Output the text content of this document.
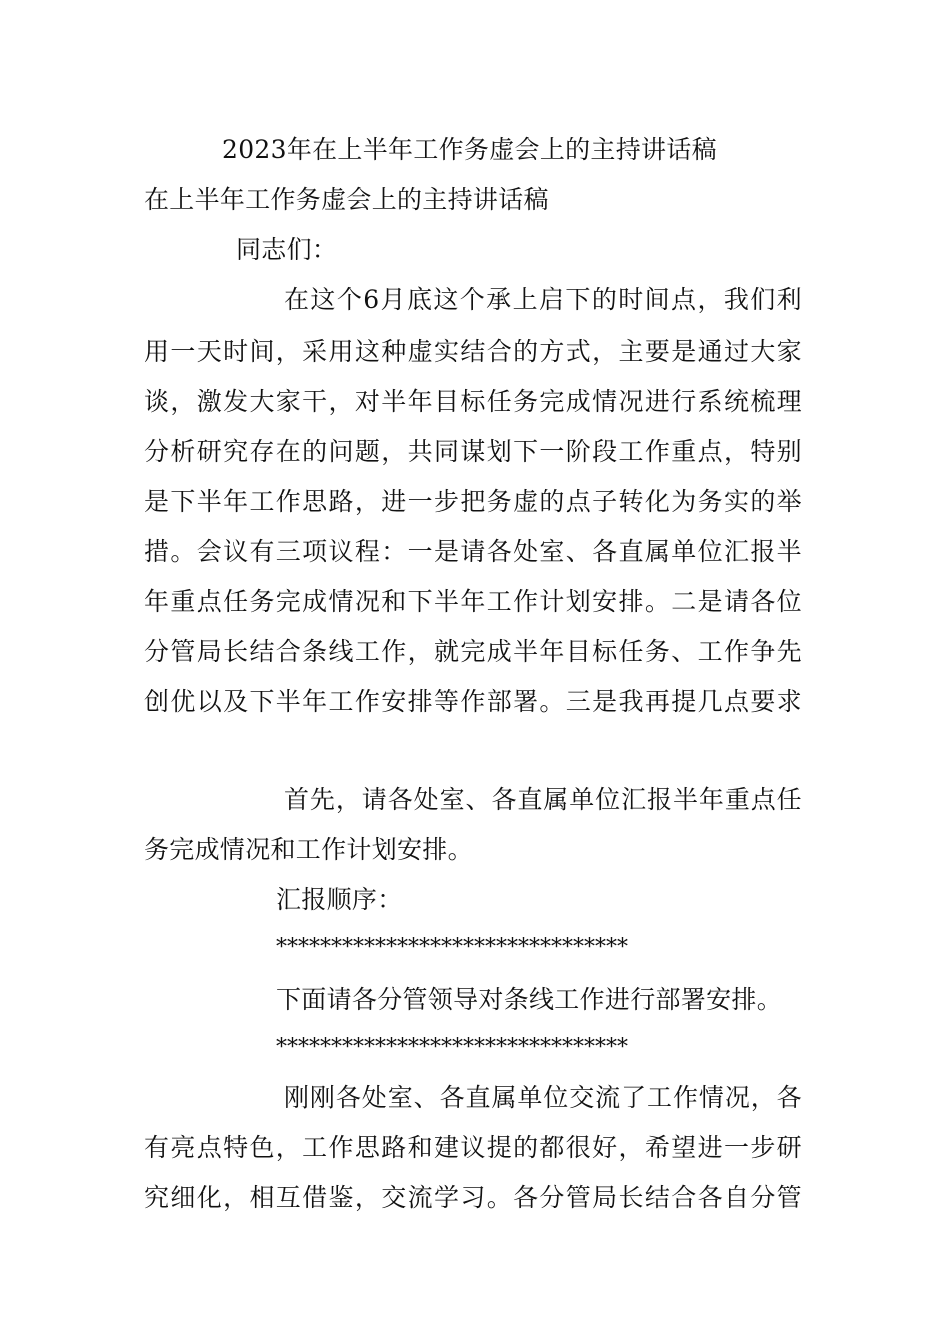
2023年在上半年工作务虚会上的主持讲话稿
在上半年工作务虚会上的主持讲话稿
同志们：
在这个6月底这个承上启下的时间点，我们利
用一天时间，采用这种虚实结合的方式，主要是通过大家
谈，激发大家干，对半年目标任务完成情况进行系统梳理
分析研究存在的问题，共同谋划下一阶段工作重点，特别
是下半年工作思路，进一步把务虚的点子转化为务实的举
措。会议有三项议程：一是请各处室、各直属单位汇报半
年重点任务完成情况和下半年工作计划安排。二是请各位
分管局长结合条线工作，就完成半年目标任务、工作争先
创优以及下半年工作安排等作部署。三是我再提几点要求
首先，请各处室、各直属单位汇报半年重点任
务完成情况和工作计划安排。
汇报顺序：
********************************
下面请各分管领导对条线工作进行部署安排。
********************************
刚刚各处室、各直属单位交流了工作情况，各
有亮点特色，工作思路和建议提的都很好，希望进一步研
究细化，相互借鉴，交流学习。各分管局长结合各自分管
